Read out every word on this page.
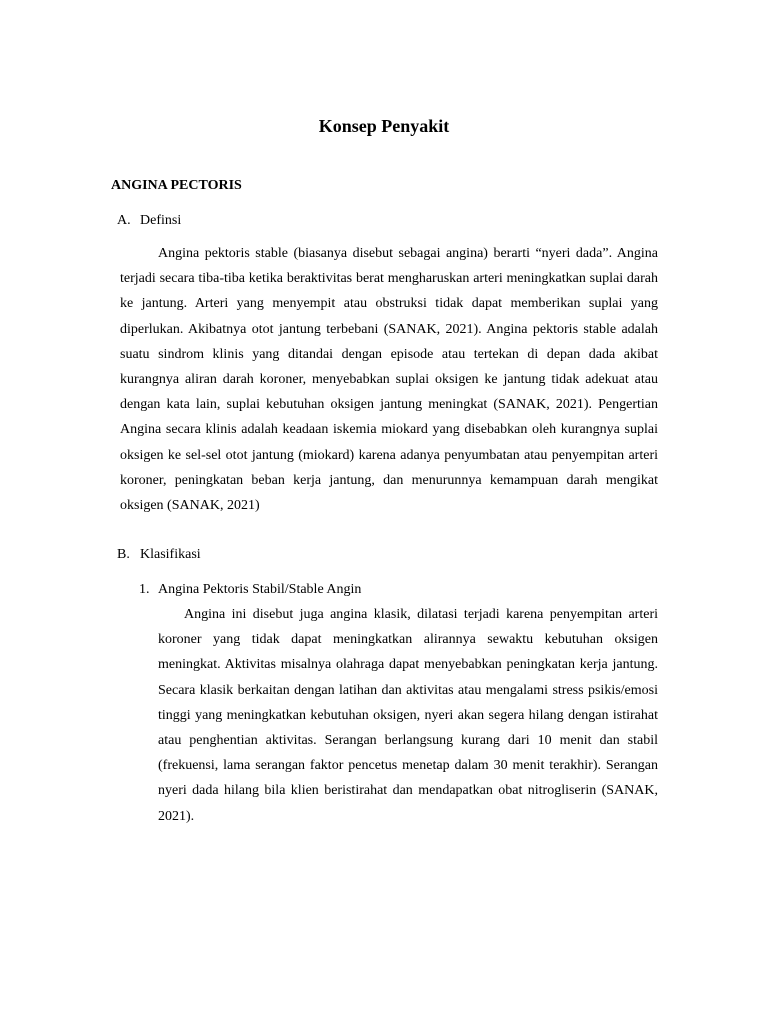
Konsep Penyakit
ANGINA PECTORIS
A. Definsi
Angina pektoris stable (biasanya disebut sebagai angina) berarti “nyeri dada”. Angina terjadi secara tiba-tiba ketika beraktivitas berat mengharuskan arteri meningkatkan suplai darah ke jantung. Arteri yang menyempit atau obstruksi tidak dapat memberikan suplai yang diperlukan. Akibatnya otot jantung terbebani (SANAK, 2021). Angina pektoris stable adalah suatu sindrom klinis yang ditandai dengan episode atau tertekan di depan dada akibat kurangnya aliran darah koroner, menyebabkan suplai oksigen ke jantung tidak adekuat atau dengan kata lain, suplai kebutuhan oksigen jantung meningkat (SANAK, 2021). Pengertian Angina secara klinis adalah keadaan iskemia miokard yang disebabkan oleh kurangnya suplai oksigen ke sel-sel otot jantung (miokard) karena adanya penyumbatan atau penyempitan arteri koroner, peningkatan beban kerja jantung, dan menurunnya kemampuan darah mengikat oksigen (SANAK, 2021)
B. Klasifikasi
1. Angina Pektoris Stabil/Stable Angin
Angina ini disebut juga angina klasik, dilatasi terjadi karena penyempitan arteri koroner yang tidak dapat meningkatkan alirannya sewaktu kebutuhan oksigen meningkat. Aktivitas misalnya olahraga dapat menyebabkan peningkatan kerja jantung. Secara klasik berkaitan dengan latihan dan aktivitas atau mengalami stress psikis/emosi tinggi yang meningkatkan kebutuhan oksigen, nyeri akan segera hilang dengan istirahat atau penghentian aktivitas. Serangan berlangsung kurang dari 10 menit dan stabil (frekuensi, lama serangan faktor pencetus menetap dalam 30 menit terakhir). Serangan nyeri dada hilang bila klien beristirahat dan mendapatkan obat nitrogliserin (SANAK, 2021).
